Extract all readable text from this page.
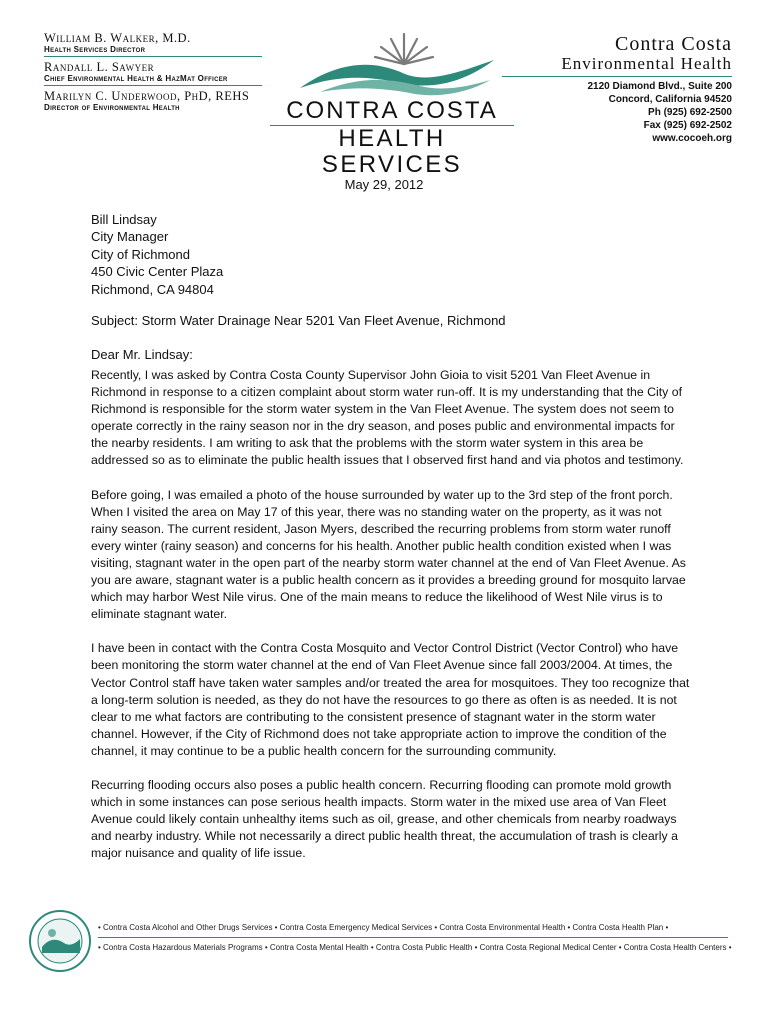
William B. Walker, M.D.
Health Services Director
Randall L. Sawyer
Chief Environmental Health & HazMat Officer
Marilyn C. Underwood, PhD, REHS
Director of Environmental Health	CONTRA COSTA
HEALTH SERVICES
Contra Costa
Environmental Health
2120 Diamond Blvd., Suite 200
Concord, California 94520
Ph (925) 692-2500
Fax (925) 692-2502
www.cocoeh.org
May 29, 2012
Bill Lindsay
City Manager
City of Richmond
450 Civic Center Plaza
Richmond, CA 94804
Subject: Storm Water Drainage Near 5201 Van Fleet Avenue, Richmond
Dear Mr. Lindsay:

Recently, I was asked by Contra Costa County Supervisor John Gioia to visit 5201 Van Fleet Avenue in Richmond in response to a citizen complaint about storm water run-off. It is my understanding that the City of Richmond is responsible for the storm water system in the Van Fleet Avenue. The system does not seem to operate correctly in the rainy season nor in the dry season, and poses public and environmental impacts for the nearby residents. I am writing to ask that the problems with the storm water system in this area be addressed so as to eliminate the public health issues that I observed first hand and via photos and testimony.

Before going, I was emailed a photo of the house surrounded by water up to the 3rd step of the front porch. When I visited the area on May 17 of this year, there was no standing water on the property, as it was not rainy season. The current resident, Jason Myers, described the recurring problems from storm water runoff every winter (rainy season) and concerns for his health. Another public health condition existed when I was visiting, stagnant water in the open part of the nearby storm water channel at the end of Van Fleet Avenue. As you are aware, stagnant water is a public health concern as it provides a breeding ground for mosquito larvae which may harbor West Nile virus. One of the main means to reduce the likelihood of West Nile virus is to eliminate stagnant water.

I have been in contact with the Contra Costa Mosquito and Vector Control District (Vector Control) who have been monitoring the storm water channel at the end of Van Fleet Avenue since fall 2003/2004. At times, the Vector Control staff have taken water samples and/or treated the area for mosquitoes. They too recognize that a long-term solution is needed, as they do not have the resources to go there as often is as needed. It is not clear to me what factors are contributing to the consistent presence of stagnant water in the storm water channel. However, if the City of Richmond does not take appropriate action to improve the condition of the channel, it may continue to be a public health concern for the surrounding community.

Recurring flooding occurs also poses a public health concern. Recurring flooding can promote mold growth which in some instances can pose serious health impacts. Storm water in the mixed use area of Van Fleet Avenue could likely contain unhealthy items such as oil, grease, and other chemicals from nearby roadways and nearby industry. While not necessarily a direct public health threat, the accumulation of trash is clearly a major nuisance and quality of life issue.

• Contra Costa Alcohol and Other Drugs Services • Contra Costa Emergency Medical Services • Contra Costa Environmental Health • Contra Costa Health Plan •
• Contra Costa Hazardous Materials Programs • Contra Costa Mental Health • Contra Costa Public Health • Contra Costa Regional Medical Center • Contra Costa Health Centers •
